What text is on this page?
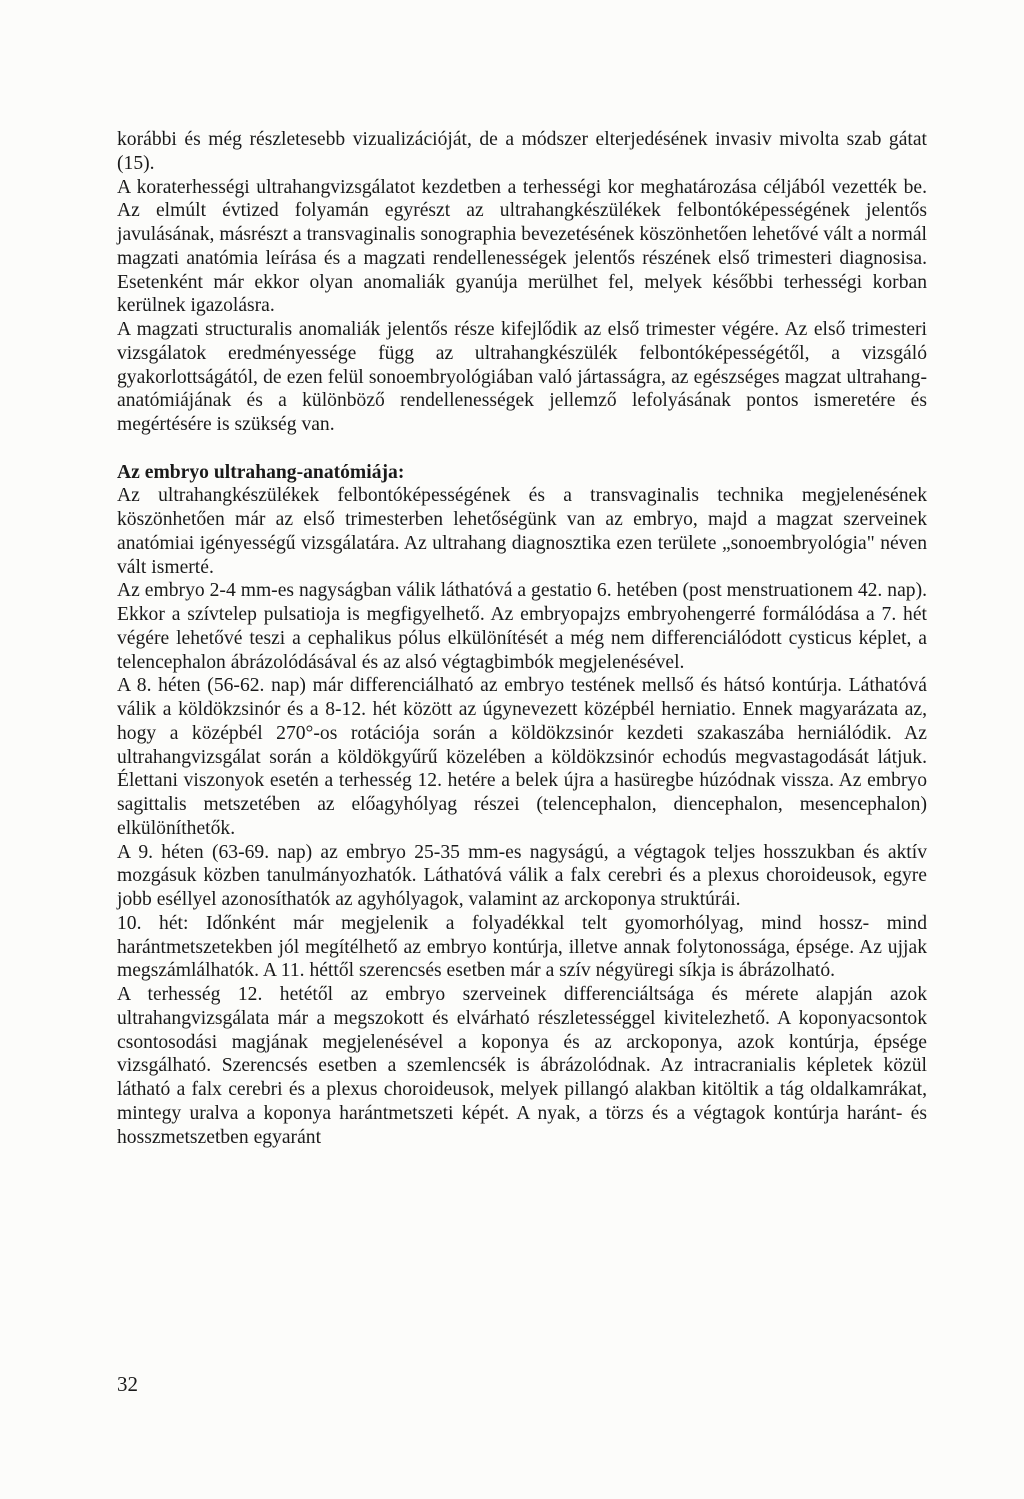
korábbi és még részletesebb vizualizációját, de a módszer elterjedésének invasiv mivolta szab gátat (15).

A koraterhességi ultrahangvizsgálatot kezdetben a terhességi kor meghatározása céljából vezették be. Az elmúlt évtized folyamán egyrészt az ultrahangkészülékek felbontóképességének jelentős javulásának, másrészt a transvaginalis sonographia bevezetésének köszönhetően lehetővé vált a normál magzati anatómia leírása és a magzati rendellenességek jelentős részének első trimesteri diagnosisa. Esetenként már ekkor olyan anomaliák gyanúja merülhet fel, melyek későbbi terhességi korban kerülnek igazolásra.

A magzati structuralis anomaliák jelentős része kifejlődik az első trimester végére. Az első trimesteri vizsgálatok eredményessége függ az ultrahangkészülék felbontóképességétől, a vizsgáló gyakorlottságától, de ezen felül sonoembryológiában való jártasságra, az egészséges magzat ultrahang-anatómiájának és a különböző rendellenességek jellemző lefolyásának pontos ismeretére és megértésére is szükség van.

Az embryo ultrahang-anatómiája:

Az ultrahangkészülékek felbontóképességének és a transvaginalis technika megjelenésének köszönhetően már az első trimesterben lehetőségünk van az embryo, majd a magzat szerveinek anatómiai igényességű vizsgálatára. Az ultrahang diagnosztika ezen területe „sonoembryológia" néven vált ismerté.

Az embryo 2-4 mm-es nagyságban válik láthatóvá a gestatio 6. hetében (post menstruationem 42. nap). Ekkor a szívtelep pulsatioja is megfigyelhető. Az embryopajzs embryohengerré formálódása a 7. hét végére lehetővé teszi a cephalikus pólus elkülönítését a még nem differenciálódott cysticus képlet, a telencephalon ábrázolódásával és az alsó végtagbimbók megjelenésével.

A 8. héten (56-62. nap) már differenciálható az embryo testének mellső és hátsó kontúrja. Láthatóvá válik a köldökzsinór és a 8-12. hét között az úgynevezett középbél herniatio. Ennek magyarázata az, hogy a középbél 270°-os rotációja során a köldökzsinór kezdeti szakaszába herniálódik. Az ultrahangvizsgálat során a köldökgyűrű közelében a köldökzsinór echodús megvastagodását látjuk. Élettani viszonyok esetén a terhesség 12. hetére a belek újra a hasüregbe húzódnak vissza. Az embryo sagittalis metszetében az előagyhólyag részei (telencephalon, diencephalon, mesencephalon) elkülöníthetők.

A 9. héten (63-69. nap) az embryo 25-35 mm-es nagyságú, a végtagok teljes hosszukban és aktív mozgásuk közben tanulmányozhatók. Láthatóvá válik a falx cerebri és a plexus choroideusok, egyre jobb eséllyel azonosíthatók az agyhólyagok, valamint az arckoponya struktúrái.

10. hét: Időnként már megjelenik a folyadékkal telt gyomorhólyag, mind hossz- mind harántmetszetekben jól megítélhető az embryo kontúrja, illetve annak folytonossága, épsége. Az ujjak megszámlálhatók. A 11. héttől szerencsés esetben már a szív négyüregi síkja is ábrázolható.

A terhesség 12. hetétől az embryo szerveinek differenciáltsága és mérete alapján azok ultrahangvizsgálata már a megszokott és elvárható részletességgel kivitelezhető. A koponyacsontok csontosodási magjának megjelenésével a koponya és az arckoponya, azok kontúrja, épsége vizsgálható. Szerencsés esetben a szemlencsék is ábrázolódnak. Az intracranialis képletek közül látható a falx cerebri és a plexus choroideusok, melyek pillangó alakban kitöltik a tág oldalkamrákat, mintegy uralva a koponya harántmetszeti képét. A nyak, a törzs és a végtagok kontúrja haránt- és hosszmetszetben egyaránt

32
